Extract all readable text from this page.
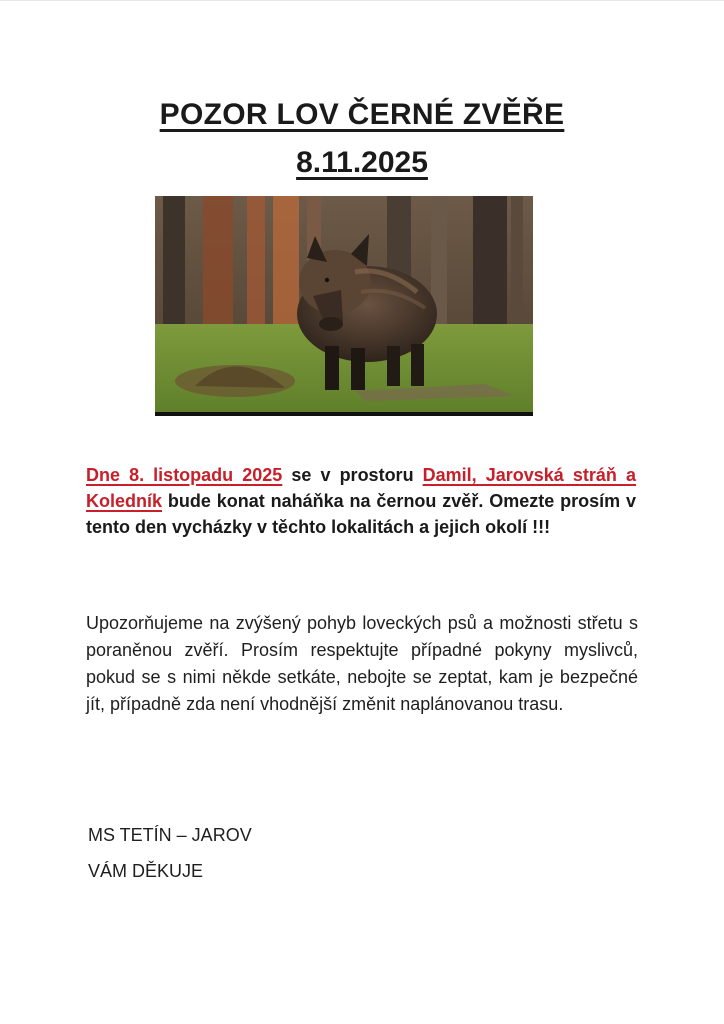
POZOR LOV ČERNÉ ZVĚŘE
8.11.2025

Dne 8. listopadu 2025 se v prostoru Damil, Jarovská stráň a Koledník bude konat naháňka na černou zvěř. Omezte prosím v tento den vycházky v těchto lokalitách a jejich okolí !!!

Upozorňujeme na zvýšený pohyb loveckých psů a možnosti střetu s poraněnou zvěří. Prosím respektujte případné pokyny myslivců, pokud se s nimi někde setkáte, nebojte se zeptat, kam je bezpečné jít, případně zda není vhodnější změnit naplánovanou trasu.

MS TETÍN – JAROV

VÁM DĚKUJE
